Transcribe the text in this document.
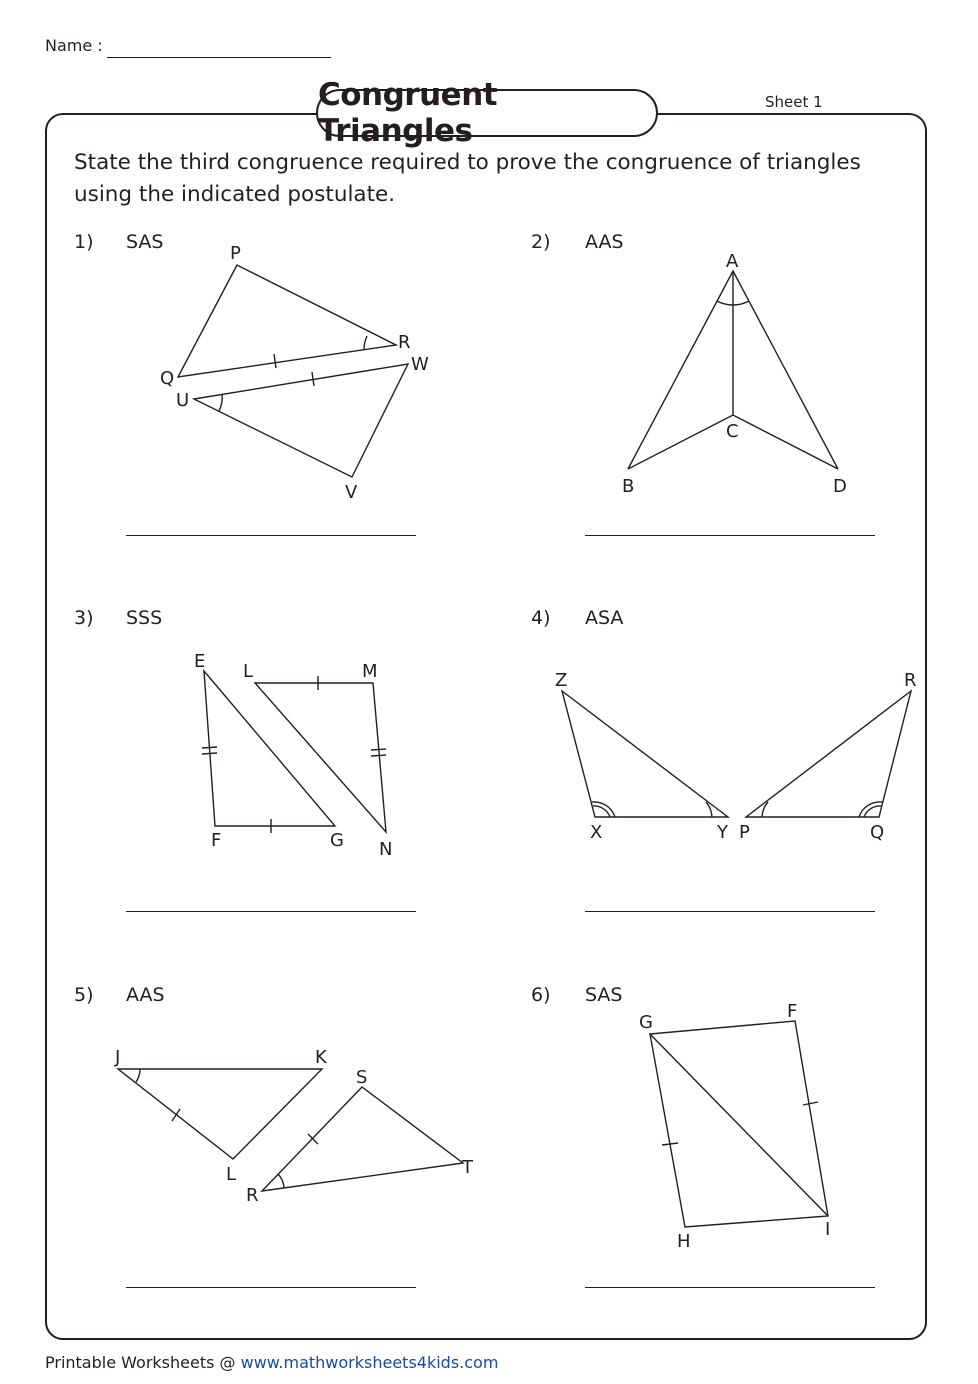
Name :
Congruent Triangles
Sheet 1
State the third congruence required to prove the congruence of triangles using the indicated postulate.
1) SAS	2) AAS
3) SSS	4) ASA
5) AAS	6) SAS
P
Q
R
U
W
V
A
B
C
D
E
F	G
L	M
N
Z
X	Y P	Q
R
J	K
L
S
R
T
G
F
H
I
Printable Worksheets @ www.mathworksheets4kids.com
